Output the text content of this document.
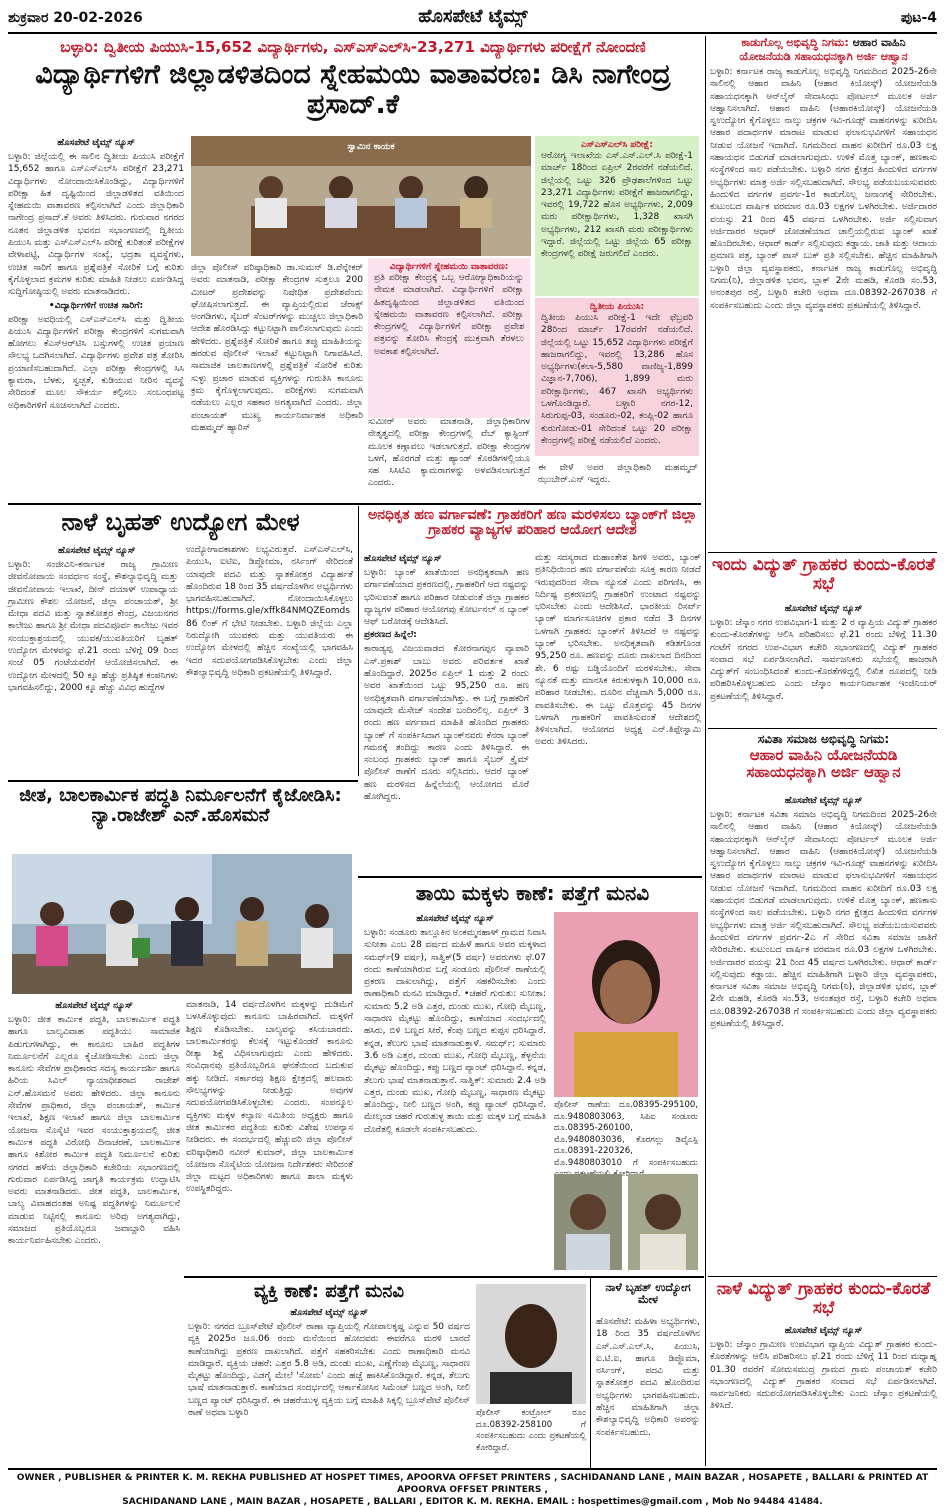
ಶುಕ್ರವಾರ 20-02-2026	ಹೊಸಪೇಟೆ ಟೈಮ್ಸ್	ಪುಟ-4
ಬಳ್ಳಾರಿ: ದ್ವಿತೀಯ ಪಿಯುಸಿ-15,652 ವಿದ್ಯಾರ್ಥಿಗಳು, ಎಸ್‌ಎಸ್‌ಎಲ್‌ಸಿ-23,271 ವಿದ್ಯಾರ್ಥಿಗಳು ಪರೀಕ್ಷೆಗೆ ನೋಂದಣಿ
ವಿದ್ಯಾರ್ಥಿಗಳಿಗೆ ಜಿಲ್ಲಾಡಳಿತದಿಂದ ಸ್ನೇಹಮಯಿ ವಾತಾವರಣ: ಡಿಸಿ ನಾಗೇಂದ್ರ ಪ್ರಸಾದ್.ಕೆ
ಹೊಸಪೇಟೆ ಟೈಮ್ಸ್ ನ್ಯೂಸ್
ಬಳ್ಳಾರಿ: ಜಿಲ್ಲೆಯಲ್ಲಿ ಈ ಸಾಲಿನ ದ್ವಿತೀಯ ಪಿಯುಸಿ ಪರೀಕ್ಷೆಗೆ 15,652 ಹಾಗೂ ಎಸ್‌ಎಸ್‌ಎಲ್‌ಸಿ ಪರೀಕ್ಷೆಗೆ 23,271 ವಿದ್ಯಾರ್ಥಿಗಳು ನೋಂದಾಯಿಸಿಕೊಂಡಿದ್ದು, ವಿದ್ಯಾರ್ಥಿಗಳಿಗೆ ಪರೀಕ್ಷಾ ಹಿತ ದೃಷ್ಟಿಯಿಂದ ಜಿಲ್ಲಾಡಳಿತದ ವತಿಯಿಂದ ಸ್ನೇಹಮಯಿ ವಾತಾವರಣ ಕಲ್ಪಿಸಲಾಗಿದೆ ಎಂದು ಜಿಲ್ಲಾಧಿಕಾರಿ ನಾಗೇಂದ್ರ ಪ್ರಸಾದ್.ಕೆ ಅವರು ತಿಳಿಸಿದರು. ಗುರುವಾರ ನಗರದ ನೂತನ ಜಿಲ್ಲಾಡಳಿತ ಭವನದ ಸಭಾಂಗಣದಲ್ಲಿ ದ್ವಿತೀಯ ಪಿಯುಸಿ ಮತ್ತು ಎಸ್‌ಎಸ್‌ಎಲ್‌ಸಿ ಪರೀಕ್ಷೆ ಕುರಿತಂತೆ ಪರೀಕ್ಷೆಗಳ ವೇಳಾಪಟ್ಟಿ, ವಿದ್ಯಾರ್ಥಿಗಳ ಸಂಖ್ಯೆ, ಭದ್ರತಾ ವ್ಯವಸ್ಥೆಗಳು, ಉಚಿತ ಸಾರಿಗೆ ಹಾಗೂ ಪ್ರಶ್ನೆಪತ್ರಿಕೆ ಸೋರಿಕೆ ಬಗ್ಗೆ ಕುರಿತು ಕೈಗೊಳ್ಳಲಾದ ಕ್ರಮಗಳ ಕುರಿತು ಮಾಹಿತಿ ನೀಡಲು ಏರ್ಪಡಿಸಿದ್ದ ಸುದ್ದಿಗೋಷ್ಠಿಯಲ್ಲಿ ಅವರು ಮಾತನಾಡಿದರು.
•ವಿದ್ಯಾರ್ಥಿಗಳಿಗೆ ಉಚಿತ ಸಾರಿಗೆ:
ಪರೀಕ್ಷಾ ಅವಧಿಯಲ್ಲಿ ಎಸ್‌ಎಸ್‌ಎಲ್‌ಸಿ ಮತ್ತು ದ್ವಿತೀಯ ಪಿಯುಸಿ ವಿದ್ಯಾರ್ಥಿಗಳಿಗೆ ಪರೀಕ್ಷಾ ಕೇಂದ್ರಗಳಿಗೆ ಸುಗಮವಾಗಿ ಹೋಗಲು ಕೆಎಸ್‌ಆರ್‌ಟಿಸಿ ಬಸ್ಸುಗಳಲ್ಲಿ ಉಚಿತ ಪ್ರಯಾಣ ಸೌಲಭ್ಯ ಒದಗಿಸಲಾಗಿದೆ. ವಿದ್ಯಾರ್ಥಿಗಳು ಪ್ರವೇಶ ಪತ್ರ ತೋರಿಸಿ ಪ್ರಯಾಣಿಸಬಹುದಾಗಿದೆ. ಎಲ್ಲಾ ಪರೀಕ್ಷಾ ಕೇಂದ್ರಗಳಲ್ಲಿ ಸಿಸಿ ಕ್ಯಾಮರಾ, ಬೆಳಕು, ಸ್ವಚ್ಛತೆ, ಕುಡಿಯುವ ನೀರಿನ ವ್ಯವಸ್ಥೆ ಸೇರಿದಂತೆ ಮೂಲ ಸೌಕರ್ಯ ಕಲ್ಪಿಸಲು ಸಂಬಂಧಪಟ್ಟ ಅಧಿಕಾರಿಗಳಿಗೆ ಸೂಚಿಸಲಾಗಿದೆ ಎಂದರು.
ಸ್ವಾಮಿನ ಕಾಯಕ
ಜಿಲ್ಲಾ ಪೊಲೀಸ್ ವರಿಷ್ಠಾಧಿಕಾರಿ ಡಾ.ಸುಮನ್ ಡಿ.ಪೆನ್ನೇಕರ್ ಅವರು ಮಾತನಾಡಿ, ಪರೀಕ್ಷಾ ಕೇಂದ್ರಗಳ ಸುತ್ತಲೂ 200 ಮೀಟರ್ ಪ್ರದೇಶವನ್ನು ನಿಷೇಧಿತ ಪ್ರದೇಶವೆಂದು ಘೋಷಿಸಲಾಗುತ್ತದೆ. ಈ ವ್ಯಾಪ್ತಿಯಲ್ಲಿರುವ ಜೆರಾಕ್ಸ್ ಅಂಗಡಿಗಳು, ಸೈಬರ್ ಸೆಂಟರ್‌ಗಳನ್ನು ಮುಚ್ಚಲು ಜಿಲ್ಲಾಧಿಕಾರಿ ಆದೇಶ ಹೊರಡಿಸಿದ್ದು ಕಟ್ಟುನಿಟ್ಟಾಗಿ ಪಾಲಿಸಲಾಗುವುದು ಎಂದು ಹೇಳಿದರು. ಪ್ರಶ್ನೆಪತ್ರಿಕೆ ಸೋರಿಕೆ ಹಾಗೂ ತಪ್ಪು ಮಾಹಿತಿಯನ್ನು ಹರಡುವ ಪೊಲೀಸ್ ಇಲಾಖೆ ಕಟ್ಟುನಿಟ್ಟಾಗಿ ನಿಗಾವಹಿಸಿದೆ. ಸಾಮಾಜಿಕ ಜಾಲತಾಣಗಳಲ್ಲಿ ಪ್ರಶ್ನೆಪತ್ರಿಕೆ ಸೋರಿಕೆ ಕುರಿತು ಸುಳ್ಳು ಪ್ರಚಾರ ಮಾಡುವ ವ್ಯಕ್ತಿಗಳನ್ನು ಗುರುತಿಸಿ ಕಾನೂನು ಕ್ರಮ ಕೈಗೊಳ್ಳಲಾಗುವುದು. ಪರೀಕ್ಷೆಗಳು ಸುಗಮವಾಗಿ ನಡೆಯಲು ಎಲ್ಲರ ಸಹಕಾರ ಅಗತ್ಯವಾಗಿದೆ ಎಂದರು. ಜಿಲ್ಲಾ ಪಂಚಾಯತ್ ಮುಖ್ಯ ಕಾರ್ಯನಿರ್ವಾಹಕ ಅಧಿಕಾರಿ ಮಹಮ್ಮದ್ ಹ್ಯಾರಿಸ್
ವಿದ್ಯಾರ್ಥಿಗಳಿಗೆ ಸ್ನೇಹಮಯಿ ವಾತಾವರಣ:
ಪ್ರತಿ ಪರೀಕ್ಷಾ ಕೇಂದ್ರಕ್ಕೆ ಒಬ್ಬ ಆರೋಗ್ಯಾಧಿಕಾರಿಯನ್ನು ನೇಮಕ ಮಾಡಲಾಗಿದೆ. ವಿದ್ಯಾರ್ಥಿಗಳಿಗೆ ಪರೀಕ್ಷಾ ಹಿತದೃಷ್ಟಿಯಿಂದ ಜಿಲ್ಲಾಡಳಿತದ ವತಿಯಿಂದ ಸ್ನೇಹಮಯಿ ವಾತಾವರಣ ಕಲ್ಪಿಸಲಾಗಿದೆ. ಪರೀಕ್ಷಾ ಕೇಂದ್ರಗಳಲ್ಲಿ ವಿದ್ಯಾರ್ಥಿಗಳಿಗೆ ಪರೀಕ್ಷಾ ಪ್ರವೇಶ ಪತ್ರವನ್ನು ತೋರಿಸಿ ಕೇಂದ್ರಕ್ಕೆ ಮುಕ್ತವಾಗಿ ತೆರಳಲು ಅವಕಾಶ ಕಲ್ಪಿಸಲಾಗಿದೆ.
ಸುಮೀರ್ ಅವರು ಮಾತನಾಡಿ, ಜಿಲ್ಲಾಧಿಕಾರಿಗಳ ನೇತೃತ್ವದಲ್ಲಿ ಪರೀಕ್ಷಾ ಕೇಂದ್ರಗಳಲ್ಲಿ ವೆಬ್ ಕ್ಯಾಸ್ಟಿಂಗ್ ಮೂಲಕ ಕಣ್ಗಾವಲು ಇಡಲಾಗುತ್ತದೆ. ಪರೀಕ್ಷಾ ಕೇಂದ್ರಗಳ ಒಳಗೆ, ಹೊರಗಡೆ ಮತ್ತು ಹ್ಯಾಂಡ್ ಕೊಠಡಿಗಳಲ್ಲಿಯೂ ಸಹ ಸಿಸಿಟಿವಿ ಕ್ಯಾಮರಾಗಳನ್ನು ಅಳವಡಿಸಲಾಗುತ್ತದೆ ಎಂದರು.
ಎಸ್‌ಎಸ್‌ಎಲ್‌ಸಿ ಪರೀಕ್ಷೆ:
ಆರೋಗ್ಯ ಇಲಾಖೆಯ ಎಸ್.ಎಸ್.ಎಲ್.ಸಿ ಪರೀಕ್ಷೆ-1 ಮಾರ್ಚ್ 18ರಿಂದ ಏಪ್ರಿಲ್ 2ರವರೆಗೆ ನಡೆಯಲಿದೆ. ಜಿಲ್ಲೆಯಲ್ಲಿ ಒಟ್ಟು 326 ಪ್ರೌಢಶಾಲೆಗಳಿಂದ ಒಟ್ಟು 23,271 ವಿದ್ಯಾರ್ಥಿಗಳು ಪರೀಕ್ಷೆಗೆ ಹಾಜರಾಗಲಿದ್ದು, ಇವರಲ್ಲಿ 19,722 ಹೊಸ ಅಭ್ಯರ್ಥಿಗಳು, 2,009 ಮರು ಪರೀಕ್ಷಾರ್ಥಿಗಳು, 1,328 ಖಾಸಗಿ ಅಭ್ಯರ್ಥಿಗಳು, 212 ಖಾಸಗಿ ಮರು ಪರೀಕ್ಷಾರ್ಥಿಗಳು ಇದ್ದಾರೆ. ಜಿಲ್ಲೆಯಲ್ಲಿ ಒಟ್ಟು ಜಿಲ್ಲೆಯ 65 ಪರೀಕ್ಷಾ ಕೇಂದ್ರಗಳಲ್ಲಿ ಪರೀಕ್ಷೆ ಜರುಗಲಿದೆ ಎಂದರು.
ದ್ವಿತೀಯ ಪಿಯುಸಿ:
ದ್ವಿತೀಯ ಪಿಯುಸಿ ಪರೀಕ್ಷೆ-1 ಇದೇ ಫೆಬ್ರವರಿ 28ರಿಂದ ಮಾರ್ಚ್ 17ರವರೆಗೆ ನಡೆಯಲಿದೆ. ಜಿಲ್ಲೆಯಲ್ಲಿ ಒಟ್ಟು 15,652 ವಿದ್ಯಾರ್ಥಿಗಳು ಪರೀಕ್ಷೆಗೆ ಹಾಜರಾಗಲಿದ್ದು, ಇವರಲ್ಲಿ 13,286 ಹೊಸ ಅಭ್ಯರ್ಥಿಗಳು(ಕಲಾ-5,580 ವಾಣಿಜ್ಯ-1,899 ವಿಜ್ಞಾನ-7,706), 1,899 ಮರು ಪರೀಕ್ಷಾರ್ಥಿಗಳು, 467 ಖಾಸಗಿ ಅಭ್ಯರ್ಥಿಗಳು ಒಳಗೊಂಡಿದ್ದಾರೆ. ಬಳ್ಳಾರಿ ನಗರ-12, ಸಿರುಗುಪ್ಪ-03, ಸಂಡೂರು-02, ಕಂಪ್ಲಿ-02 ಹಾಗೂ ಕುರುಗೋಡು-01 ಸೇರಿದಂತೆ ಒಟ್ಟು 20 ಪರೀಕ್ಷಾ ಕೇಂದ್ರಗಳಲ್ಲಿ ಪರೀಕ್ಷೆ ನಡೆಯಲಿದೆ ಎಂದರು.
ಈ ವೇಳೆ ಅಪರ ಜಿಲ್ಲಾಧಿಕಾರಿ ಮಹಮ್ಮದ್ ಝುಬೇರ್.ಎನ್ ಇದ್ದರು.
ನಾಳೆ ಬೃಹತ್ ಉದ್ಯೋಗ ಮೇಳ
ಹೊಸಪೇಟೆ ಟೈಮ್ಸ್ ನ್ಯೂಸ್
ಬಳ್ಳಾರಿ: ಸಂಜೀವಿನಿ-ಕರ್ನಾಟಕ ರಾಜ್ಯ ಗ್ರಾಮೀಣ ಜೀವನೋಪಾಯ ಸಂವರ್ಧನ ಸಂಸ್ಥೆ, ಕೌಶಲ್ಯಾಭಿವೃದ್ಧಿ ಮತ್ತು ಜೀವನೋಪಾಯ ಇಲಾಖೆ, ದೀನ್ ದಯಾಳ್ ಉಪಾಧ್ಯಾಯ ಗ್ರಾಮೀಣ ಕೌಶಲ ಯೋಜನೆ, ಜಿಲ್ಲಾ ಪಂಚಾಯತ್, ಶ್ರೀ ಮೇಧಾ ಪದವಿ ಮತ್ತು ಸ್ನಾತಕೋತ್ತರ ಕೇಂದ್ರ, ವಿಜಯನಗರ ಕಾಲೇಜು ಹಾಗೂ ಶ್ರೀ ಮೇಧಾ ಪದವಿಪೂರ್ವ ಕಾಲೇಜು ಇವರ ಸಂಯುಕ್ತಾಶ್ರಯದಲ್ಲಿ ಯುವಕ/ಯುವತಿಯರಿಗೆ ಬೃಹತ್ ಉದ್ಯೋಗ ಮೇಳವನ್ನು ಫೆ.21 ರಂದು ಬೆಳಿಗ್ಗೆ 09 ರಿಂದ ಸಂಜೆ 05 ಗಂಟೆಯವರೆಗೆ ಆಯೋಜಿಸಲಾಗಿದೆ. ಈ ಉದ್ಯೋಗ ಮೇಳದಲ್ಲಿ 50 ಕ್ಕೂ ಹೆಚ್ಚು ಪ್ರತಿಷ್ಠಿತ ಕಂಪನಿಗಳು ಭಾಗವಹಿಸಲಿದ್ದು, 2000 ಕ್ಕೂ ಹೆಚ್ಚು ವಿವಿಧ ಹುದ್ದೆಗಳ
ಉದ್ಯೋಗಾವಕಾಶಗಳು ಲಭ್ಯವಿರುತ್ತವೆ. ಎಸ್‌ಎಸ್‌ಎಲ್‌ಸಿ, ಪಿಯುಸಿ, ಐಟಿಐ, ಡಿಪ್ಲೋಮಾ, ನರ್ಸಿಂಗ್ ಸೇರಿದಂತೆ ಯಾವುದೇ ಪದವಿ ಮತ್ತು ಸ್ನಾತಕೋತ್ತರ ವಿದ್ಯಾರ್ಹತೆ ಹೊಂದಿರುವ 18 ರಿಂದ 35 ವರ್ಷದೊಳಗಿನ ಅಭ್ಯರ್ಥಿಗಳು ಭಾಗವಹಿಸಬಹುದಾಗಿದೆ. ನೋಂದಾಯಿಸಿಕೊಳ್ಳಲು https://forms.gle/xffk84NMQZEomds86 ಲಿಂಕ್ ಗೆ ಭೇಟಿ ನೀಡಬೇಕು. ಬಳ್ಳಾರಿ ಜಿಲ್ಲೆಯ ಎಲ್ಲಾ ನಿರುದ್ಯೋಗಿ ಯುವಕರು ಮತ್ತು ಯುವತಿಯರು ಈ ಉದ್ಯೋಗ ಮೇಳದಲ್ಲಿ ಹೆಚ್ಚಿನ ಸಂಖ್ಯೆಯಲ್ಲಿ ಭಾಗವಹಿಸಿ ಇದರ ಸದುಪಯೋಗಪಡಿಸಿಕೊಳ್ಳಬೇಕು ಎಂದು ಜಿಲ್ಲಾ ಕೌಶಲ್ಯಾಭಿವೃದ್ಧಿ ಅಧಿಕಾರಿ ಪ್ರಕಟಣೆಯಲ್ಲಿ ತಿಳಿಸಿದ್ದಾರೆ.
ಅನಧಿಕೃತ ಹಣ ವರ್ಗಾವಣೆ: ಗ್ರಾಹಕರಿಗೆ ಹಣ ಮರಳಿಸಲು ಬ್ಯಾಂಕ್‌ಗೆ ಜಿಲ್ಲಾ ಗ್ರಾಹಕರ ವ್ಯಾಜ್ಯಗಳ ಪರಿಹಾರ ಆಯೋಗ ಆದೇಶ
ಹೊಸಪೇಟೆ ಟೈಮ್ಸ್ ನ್ಯೂಸ್
ಬಳ್ಳಾರಿ: ಬ್ಯಾಂಕ್ ಖಾತೆಯಿಂದ ಅನಧಿಕೃತವಾಗಿ ಹಣ ವರ್ಗಾವಣೆಯಾದ ಪ್ರಕರಣದಲ್ಲಿ, ಗ್ರಾಹಕರಿಗೆ ಆದ ನಷ್ಟವನ್ನು ಭರಿಸುವಂತೆ ಹಾಗೂ ಪರಿಹಾರ ನೀಡುವಂತೆ ಜಿಲ್ಲಾ ಗ್ರಾಹಕರ ವ್ಯಾಜ್ಯಗಳ ಪರಿಹಾರ ಆಯೋಗವು ಕೋರ್ಟನಲ್ ನ ಬ್ಯಾಂಕ್ ಆಫ್ ಬರೋಡಕ್ಕೆ ಆದೇಶಿಸಿದೆ.
ಪ್ರಕರಣದ ಹಿನ್ನೆಲೆ:
ಕಾರಾಡ್ಯಪ್ಪ ವಿಜಯವಾಡದ ಕೋರನಾಗಪ್ಪನ ವ್ಯಾಪಾರಿ ಎಸ್.ಪ್ರಕಾಶ್ ಬಾಬು ಅವರು ಪರಿವರ್ತಕ ಖಾತೆ ಹೊಂದಿದ್ದಾರೆ. 2025ರ ಏಪ್ರಿಲ್ 1 ಮತ್ತು 2 ರಂದು ಅವರ ಖಾತೆಯಿಂದ ಒಟ್ಟು 95,250 ರೂ. ಹಣ ಅನಧಿಕೃತವಾಗಿ ವರ್ಗಾವಣೆಯಾಗಿತ್ತು. ಈ ಬಗ್ಗೆ ಗ್ರಾಹಕರಿಗೆ ಯಾವುದೇ ಮೆಸೇಜ್ ಸಂದೇಶ ಬಂದಿರಲಿಲ್ಲ. ಏಪ್ರಿಲ್ 3 ರಂದು ಹಣ ವರ್ಗವಾದ ಮಾಹಿತಿ ಹೊಂದಿದ ಗ್ರಾಹಕರು ಬ್ಯಾಂಕ್ ಗೆ ಸಂಪರ್ಕಿಸಿದಾಗ ಬ್ಯಾಂಕ್‌ನವರು ಕೆನರಾ ಬ್ಯಾಂಕ್ ಗಮನಕ್ಕೆ ತಂದಿದ್ದು ಕಾರಣ ಎಂದು ತಿಳಿಸಿದ್ದಾರೆ. ಈ ಸಂಬಂಧ ಗ್ರಾಹಕರು ಬ್ಯಾಂಕ್ ಹಾಗೂ ಸೈಬರ್ ಕ್ರೈಮ್ ಪೊಲೀಸ್ ಠಾಣೆಗೆ ದೂರು ಸಲ್ಲಿಸಿದರು. ಆದರೆ ಬ್ಯಾಂಕ್ ಹಣ ಮರಳಿಸದ ಹಿನ್ನೆಲೆಯಲ್ಲಿ ಆಯೋಗದ ಮೊರೆ ಹೋಗಿದ್ದರು.
ಮತ್ತು ಸದಸ್ಯರಾದ ಮಹಾಂತೇಶ ಶಿಗಳಿ ಅವರು, ಬ್ಯಾಂಕ್ ಪ್ರತಿನಿಧಿಯಿಂದ ಹಣ ವರ್ಗಾವಣೆಯ ಸೂಕ್ತ ಕಾರಣ ನೀಡದೆ ಇರುವುದರಿಂದ ಸೇವಾ ನ್ಯೂನತೆ ಎಂದು ಪರಿಗಣಿಸಿ, ಈ ನಿರ್ದಿಷ್ಟ ಪ್ರಕರಣದಲ್ಲಿ ಗ್ರಾಹಕರಿಗೆ ಉಂಟಾದ ನಷ್ಟವನ್ನು ಭರಿಸಬೇಕು ಎಂದು ಆದೇಶಿಸಿದೆ. ಭಾರತೀಯ ರಿಸರ್ವ್ ಬ್ಯಾಂಕ್ ಮಾರ್ಗಸೂಚಿಗಳ ಪ್ರಕಾರ ನಡೆದ 3 ದಿನಗಳ ಒಳಗಾಗಿ ಗ್ರಾಹಕರು ಬ್ಯಾಂಕ್‌ಗೆ ತಿಳಿಸಿದರೆ ಆ ನಷ್ಟವನ್ನು ಬ್ಯಾಂಕ್ ಭರಿಸಬೇಕು. ಅನಧಿಕೃತವಾಗಿ ಕಡಿತಗೊಂಡ 95,250 ರೂ. ಹಣವನ್ನು ದೂರು ದಾಖಲಾದ ದಿನದಿಂದ ಶೇ. 6 ರಷ್ಟು ಬಡ್ಡಿಯೊಂದಿಗೆ ಮರಳಿಸಬೇಕು. ಸೇವಾ ನ್ಯೂನತೆ ಮತ್ತು ಮಾನಸಿಕ ಕಿರುಕುಳಕ್ಕಾಗಿ 10,000 ರೂ. ಪರಿಹಾರ ನೀಡಬೇಕು. ದೂರಿನ ವೆಚ್ಚವಾಗಿ 5,000 ರೂ. ಪಾವತಿಸಬೇಕು. ಈ ಒಟ್ಟು ಮೊತ್ತವನ್ನು 45 ದಿನಗಳ ಒಳಗಾಗಿ ಗ್ರಾಹಕರಿಗೆ ಪಾವತಿಸುವಂತೆ ಆದೇಶದಲ್ಲಿ ತಿಳಿಸಲಾಗಿದೆ. ಆಯೋಗದ ಅಧ್ಯಕ್ಷ ಎನ್.ತಿಪ್ಪೇಸ್ವಾಮಿ ಅವರು ತಿಳಿಸಿದರು.
ಜೀತ, ಬಾಲಕಾರ್ಮಿಕ ಪದ್ಧತಿ ನಿರ್ಮೂಲನೆಗೆ ಕೈಜೋಡಿಸಿ: ನ್ಯಾ.ರಾಜೇಶ್ ಎನ್.ಹೊಸಮನೆ
ಹೊಸಪೇಟೆ ಟೈಮ್ಸ್ ನ್ಯೂಸ್
ಬಳ್ಳಾರಿ: ಜೀತ ಕಾರ್ಮಿಕ ಪದ್ಧತಿ, ಬಾಲಕಾರ್ಮಿಕ ಪದ್ಧತಿ ಹಾಗೂ ಬಾಲ್ಯವಿವಾಹ ಪದ್ಧತಿಯು ಸಾಮಾಜಿಕ ಪಿಡುಗುಗಳಾಗಿದ್ದು, ಈ ಕಾನೂನು ಬಾಹಿರ ಪದ್ಧತಿಗಳ ನಿರ್ಮೂಲನೆಗೆ ಎಲ್ಲರೂ ಕೈಜೋಡಿಸಬೇಕು ಎಂದು ಜಿಲ್ಲಾ ಕಾನೂನು ಸೇವೆಗಳ ಪ್ರಾಧಿಕಾರದ ಸದಸ್ಯ ಕಾರ್ಯದರ್ಶಿ ಹಾಗೂ ಹಿರಿಯ ಸಿವಿಲ್ ನ್ಯಾಯಾಧೀಶರಾದ ರಾಜೇಶ್ ಎನ್.ಹೊಸಮನೆ ಅವರು ಹೇಳಿದರು. ಜಿಲ್ಲಾ ಕಾನೂನು ಸೇವೆಗಳ ಪ್ರಾಧಿಕಾರ, ಜಿಲ್ಲಾ ಪಂಚಾಯತ್, ಕಾರ್ಮಿಕ ಇಲಾಖೆ, ಶಿಕ್ಷಣ ಇಲಾಖೆ ಹಾಗೂ ಜಿಲ್ಲಾ ಬಾಲಕಾರ್ಮಿಕ ಯೋಜನಾ ಸೊಸೈಟಿ ಇವರ ಸಂಯುಕ್ತಾಶ್ರಯದಲ್ಲಿ ಜೀತ ಕಾರ್ಮಿಕ ಪದ್ಧತಿ ವಿರೋಧಿ ದಿನಾಚರಣೆ, ಬಾಲಕಾರ್ಮಿಕ ಹಾಗೂ ಕಿಶೋರ ಕಾರ್ಮಿಕ ಪದ್ಧತಿ ನಿರ್ಮೂಲನೆ ಕುರಿತು ನಗರದ ಹಳೆಯ ಜಿಲ್ಲಾಧಿಕಾರಿ ಕಚೇರಿಯ ಸಭಾಂಗಣದಲ್ಲಿ ಗುರುವಾರ ಏರ್ಪಡಿಸಿದ್ದ ಜಾಗೃತಿ ಕಾರ್ಯಕ್ರಮ ಉದ್ಘಾಟಿಸಿ ಅವರು ಮಾತನಾಡಿದರು. ಜೀತ ಪದ್ಧತಿ, ಬಾಲಕಾರ್ಮಿಕ, ಬಾಲ್ಯ ವಿವಾಹದಂತಹ ಅನಿಷ್ಟ ಪದ್ಧತಿಗಳನ್ನು ನಿರ್ಮೂಲನೆ ಮಾಡುವ ನಿಟ್ಟಿನಲ್ಲಿ ಕಾನೂನು ಅರಿವು ಅಗತ್ಯವಾಗಿದ್ದು, ಸಮಾಜದ ಪ್ರತಿಯೊಬ್ಬರೂ ಜವಾಬ್ದಾರಿ ವಹಿಸಿ ಕಾರ್ಯನಿರ್ವಹಿಸಬೇಕು ಎಂದರು.
ಮಾತನಾಡಿ, 14 ವರ್ಷದೊಳಗಿನ ಮಕ್ಕಳನ್ನು ದುಡಿಮೆಗೆ ಬಳಸಿಕೊಳ್ಳುವುದು ಕಾನೂನು ಬಾಹಿರವಾಗಿದೆ. ಮಕ್ಕಳಿಗೆ ಶಿಕ್ಷಣ ಕೊಡಿಸಬೇಕು. ಬಾಲ್ಯವನ್ನು ಕಸಿಯಬಾರದು. ಬಾಲಕಾರ್ಮಿಕರನ್ನು ಕೆಲಸಕ್ಕೆ ಇಟ್ಟುಕೊಂಡರೆ ಕಾನೂನು ರೀತ್ಯಾ ಶಿಕ್ಷೆ ವಿಧಿಸಲಾಗುವುದು ಎಂದು ಹೇಳಿದರು. ಸಂವಿಧಾನವು ಪ್ರತಿಯೊಬ್ಬರಿಗೂ ಘನತೆಯಿಂದ ಬದುಕುವ ಹಕ್ಕು ನೀಡಿದೆ. ಸರ್ಕಾರವು ಶಿಕ್ಷಣ ಕ್ಷೇತ್ರದಲ್ಲಿ ಹಲವಾರು ಸೌಲಭ್ಯಗಳನ್ನು ನೀಡುತ್ತಿದ್ದು ಅವುಗಳ ಸದುಪಯೋಗಪಡಿಸಿಕೊಳ್ಳಬೇಕು ಎಂದರು. ಸಂಪನ್ಮೂಲ ವ್ಯಕ್ತಿಗಳು ಮಕ್ಕಳ ಕಲ್ಯಾಣ ಸಮಿತಿಯ ಅಧ್ಯಕ್ಷರು ಹಾಗೂ ಜೀತ ಕಾರ್ಮಿಕರ ಪದ್ಧತಿಯ ಕುರಿತು ವಿಶೇಷ ಉಪನ್ಯಾಸ ನೀಡಿದರು. ಈ ಸಂದರ್ಭದಲ್ಲಿ ಹೆಚ್ಚುವರಿ ಜಿಲ್ಲಾ ಪೊಲೀಸ್ ವರಿಷ್ಠಾಧಿಕಾರಿ ನವೀನ್ ಕುಮಾರ್, ಜಿಲ್ಲಾ ಬಾಲಕಾರ್ಮಿಕ ಯೋಜನಾ ಸೊಸೈಟಿಯ ಯೋಜನಾ ನಿರ್ದೇಶಕರು ಸೇರಿದಂತೆ ಜಿಲ್ಲಾ ಮಟ್ಟದ ಅಧಿಕಾರಿಗಳು ಹಾಗೂ ಶಾಲಾ ಮಕ್ಕಳು ಉಪಸ್ಥಿತರಿದ್ದರು.
ತಾಯಿ ಮಕ್ಕಳು ಕಾಣೆ: ಪತ್ತೆಗೆ ಮನವಿ
ಹೊಸಪೇಟೆ ಟೈಮ್ಸ್ ನ್ಯೂಸ್
ಬಳ್ಳಾರಿ: ಸಂಡೂರು ತಾಲ್ಲೂಕಿನ ಅಂಕಮ್ಮನಹಾಳ್ ಗ್ರಾಮದ ನಿವಾಸಿ ಸುನೀತಾ ಎಂಬ 28 ವರ್ಷದ ಮಹಿಳೆ ಹಾಗೂ ಅವರ ಮಕ್ಕಳಾದ ಸಮರ್ಥ್(9 ವರ್ಷ), ಸಾತ್ವಿಕ್(5 ವರ್ಷ) ಅವರುಗಳು ಫೆ.07 ರಂದು ಕಾಣೆಯಾಗಿರುವ ಬಗ್ಗೆ ಸಂಡೂರು ಪೊಲೀಸ್ ಠಾಣೆಯಲ್ಲಿ ಪ್ರಕರಣ ದಾಖಲಾಗಿದ್ದು, ಪತ್ತೆಗೆ ಸಹಕರಿಸಬೇಕು ಎಂದು ಠಾಣಾಧಿಕಾರಿ ಮನವಿ ಮಾಡಿದ್ದಾರೆ. •ಚಹರೆ ಗುರುತು: ಸುನೀತಾ: ಸುಮಾರು 5.2 ಅಡಿ ಎತ್ತರ, ದುಂಡು ಮುಖ, ಗೋಧಿ ಮೈಬಣ್ಣ, ಸಾಧಾರಣ ಮೈಕಟ್ಟು ಹೊಂದಿದ್ದು, ಕಾಣೆಯಾದ ಸಂದರ್ಭದಲ್ಲಿ ಹಸಿರು, ಬಿಳಿ ಬಣ್ಣದ ಸೀರೆ, ಕೆಂಪು ಬಣ್ಣದ ಕುಪ್ಪಸ ಧರಿಸಿದ್ದಾರೆ. ಕನ್ನಡ, ತೆಲುಗು ಭಾಷೆ ಮಾತನಾಡುತ್ತಾಳೆ. ಸಮರ್ಥ್: ಸುಮಾರು 3.6 ಅಡಿ ಎತ್ತರ, ದುಂಡು ಮುಖ, ಗೋಧಿ ಮೈಬಣ್ಣ, ತೆಳ್ಳನೆಯ ಮೈಕಟ್ಟು ಹೊಂದಿದ್ದು, ಕಪ್ಪು ಬಣ್ಣದ ಪ್ಯಾಂಟ್ ಧರಿಸಿದ್ದಾನೆ. ಕನ್ನಡ, ತೆಲುಗು ಭಾಷೆ ಮಾತನಾಡುತ್ತಾನೆ. ಸಾತ್ವಿಕ್: ಸುಮಾರು 2.4 ಅಡಿ ಎತ್ತರ, ದುಂಡು ಮುಖ, ಗೋಧಿ ಮೈಬಣ್ಣ, ಸಾಧಾರಣ ಮೈಕಟ್ಟು ಹೊಂದಿದ್ದು, ನೀಲಿ ಬಣ್ಣದ ಅಂಗಿ, ಕಪ್ಪು ಪ್ಯಾಂಟ್ ಧರಿಸಿದ್ದಾನೆ. ಮೇಲ್ಕಂಡ ಚಹರೆ ಗುರುತುಳ್ಳ ತಾಯಿ ಮತ್ತು ಮಕ್ಕಳ ಬಗ್ಗೆ ಮಾಹಿತಿ ದೊರೆತಲ್ಲಿ ಕೂಡಲೇ ಸಂಪರ್ಕಿಸಬಹುದು.
ಪೊಲೀಸ್ ಠಾಣೆಯ ದೂ.08395-295100, ದೂ.9480803063, ಸಿಪಿಐ ಸಂಡೂರು ದೂ.08395-260100, ಮೊ.9480803036, ಕೊರಗಲ್ಲು ಡಿವೈಎಸ್ಪಿ ದೂ.08391-220326, ಮೊ.9480803010 ಗೆ ಸಂಪರ್ಕಿಸಬಹುದು
ವ್ಯಕ್ತಿ ಕಾಣೆ: ಪತ್ತೆಗೆ ಮನವಿ
ಹೊಸಪೇಟೆ ಟೈಮ್ಸ್ ನ್ಯೂಸ್
ಬಳ್ಳಾರಿ: ನಗರದ ಬ್ರೂಸ್‌ಪೇಟೆ ಪೊಲೀಸ್ ಠಾಣಾ ವ್ಯಾಪ್ತಿಯಲ್ಲಿ ಗೋಪಾಲಕೃಷ್ಣ ಎನ್ನುವ 50 ವರ್ಷದ ವ್ಯಕ್ತಿ 2025ರ ಜೂ.06 ರಂದು ಮನೆಯಿಂದ ಹೋದವರು ಈವರೆಗೂ ಮರಳಿ ಬಾರದೆ ಕಾಣೆಯಾಗಿದ್ದು ಪ್ರಕರಣ ದಾಖಲಾಗಿದೆ. ಪತ್ತೆಗೆ ಸಹಕರಿಸಬೇಕು ಎಂದು ಠಾಣಾಧಿಕಾರಿ ಮನವಿ ಮಾಡಿದ್ದಾರೆ. ವ್ಯಕ್ತಿಯ ಚಹರೆ: ಎತ್ತರ 5.8 ಅಡಿ, ದುಂಡು ಮುಖ, ಎಣ್ಣೆಗೆಂಪು ಮೈಬಣ್ಣ, ಸಾಧಾರಣ ಮೈಕಟ್ಟು ಹೊಂದಿದ್ದು, ಎಡಗೈ ಮೇಲೆ 'ಸೋಮ' ಎಂದು ಹಚ್ಚೆ ಹಾಕಿಸಿಕೊಂಡಿದ್ದಾರೆ. ಕನ್ನಡ, ತೆಲುಗು ಭಾಷೆ ಮಾತನಾಡುತ್ತಾರೆ. ಕಾಣೆಯಾದ ಸಂದರ್ಭದಲ್ಲಿ ಆರ್ಕಾಕೋಸಿನ ಸಿಮೆಂಟ್ ಬಣ್ಣದ ಅಂಗಿ, ನೀಲಿ ಬಣ್ಣದ ಪ್ಯಾಂಟ್ ಧರಿಸಿದ್ದಾರೆ. ಈ ಚಹರೆಯುಳ್ಳ ವ್ಯಕ್ತಿಯ ಬಗ್ಗೆ ಮಾಹಿತಿ ಸಿಕ್ಕಲ್ಲಿ ಬ್ರೂಸ್‌ಪೇಟೆ ಪೊಲೀಸ್ ಠಾಣೆ ಅಥವಾ ಬಳ್ಳಾರಿ	ಪೊಲೀಸ್ ಕಂಟ್ರೋಲ್ ರೂಂ ದೂ.08392-258100 ಗೆ ಸಂಪರ್ಕಿಸಬಹುದು ಎಂದು ಪ್ರಕಟಣೆಯಲ್ಲಿ ಕೋರಿದ್ದಾರೆ.
ನಾಳೆ ಬೃಹತ್ ಉದ್ಯೋಗ ಮೇಳ
ಹೊಸಪೇಟೆ: ಮಹಿಳಾ ಅಭ್ಯರ್ಥಿಗಳು, 18 ರಿಂದ 35 ವರ್ಷದೊಳಗಿನ ಎಸ್.ಎಸ್.ಎಲ್.ಸಿ, ಪಿಯುಸಿ, ಐ.ಟಿ.ಐ, ಹಾಗೂ ಡಿಪ್ಲೊಮಾ, ನರ್ಸಿಂಗ್, ಪದವಿ ಮತ್ತು ಸ್ನಾತಕೋತ್ತರ ಪದವಿ ಹೊಂದಿರುವ ಅಭ್ಯರ್ಥಿಗಳು ಭಾಗವಹಿಸಬಹುದು. ಹೆಚ್ಚಿನ ಮಾಹಿತಿಗಾಗಿ ಜಿಲ್ಲಾ ಕೌಶಲ್ಯಾಭಿವೃದ್ಧಿ ಅಧಿಕಾರಿ ಅವರನ್ನು ಸಂಪರ್ಕಿಸಬಹುದು.
ಕಾಡುಗೊಲ್ಲ ಅಭಿವೃದ್ಧಿ ನಿಗಮ: ಆಹಾರ ವಾಹಿನಿ
ಯೋಜನೆಯಡಿ ಸಹಾಯಧನಕ್ಕಾಗಿ ಅರ್ಜಿ ಆಹ್ವಾನ
ಬಳ್ಳಾರಿ: ಕರ್ನಾಟಕ ರಾಜ್ಯ ಕಾಡುಗೊಲ್ಲ ಅಭಿವೃದ್ಧಿ ನಿಗಮದಿಂದ 2025-26ನೇ ಸಾಲಿನಲ್ಲಿ ಆಹಾರ ವಾಹಿನಿ (ಆಹಾರ ಕಿಯೋಸ್ಕ್) ಯೋಜನೆಯಡಿ ಸಹಾಯಧನಕ್ಕಾಗಿ ಆನ್‌ಲೈನ್ ಸೇವಾಸಿಂಧು ಪೋರ್ಟಲ್ ಮೂಲಕ ಅರ್ಜಿ ಆಹ್ವಾನಿಸಲಾಗಿದೆ. ಆಹಾರ ವಾಹಿನಿ (ಆಹಾರಕಿಯೋಸ್ಕ್) ಯೋಜನೆಯಡಿ ಸ್ವಉದ್ಯೋಗ ಕೈಗೊಳ್ಳಲು ನಾಲ್ಕು ಚಕ್ರಗಳ ಇವಿ-ಗೂಡ್ಸ್ ವಾಹನಗಳನ್ನು ಖರೀದಿಸಿ ಆಹಾರ ಪದಾರ್ಥಗಳ ಮಾರಾಟ ಮಾಡುವ ಫಲಾನುಭವಿಗಳಿಗೆ ಸಹಾಯಧನ ನೀಡುವ ಯೋಜನೆ ಇದಾಗಿದೆ. ನಿಗಮದಿಂದ ವಾಹನ ಖರೀದಿಗೆ ರೂ.03 ಲಕ್ಷ ಸಹಾಯಧನ ಬಿಡುಗಡೆ ಮಾಡಲಾಗುವುದು. ಉಳಿಕೆ ಮೊತ್ತ ಬ್ಯಾಂಕ್, ಹಣಕಾಸು ಸಂಸ್ಥೆಗಳಿಂದ ಸಾಲ ಪಡೆಯಬೇಕು. ಬಳ್ಳಾರಿ ನಗರ ಕ್ಷೇತ್ರದ ಹಿಂದುಳಿದ ವರ್ಗಗಳ ಅಭ್ಯರ್ಥಿಗಳು ಮಾತ್ರ ಅರ್ಜಿ ಸಲ್ಲಿಸಬಹುದಾಗಿದೆ. ಸೌಲಭ್ಯ ಪಡೆಯಬಯಸುವವರು ಹಿಂದುಳಿದ ವರ್ಗಗಳ ಪ್ರವರ್ಗ-1ರ ಕಾಡುಗೊಲ್ಲ ಜನಾಂಗಕ್ಕೆ ಸೇರಿರಬೇಕು. ಕುಟುಂಬದ ವಾರ್ಷಿಕ ವರಮಾನ ರೂ.03 ಲಕ್ಷಗಳ ಒಳಗಿರಬೇಕು. ಅರ್ಜಿದಾರರ ವಯಸ್ಸು 21 ರಿಂದ 45 ವರ್ಷದ ಒಳಗಿರಬೇಕು. ಅರ್ಜಿ ಸಲ್ಲಿಸುವಾಗ ಅರ್ಜಿದಾರರ ಆಧಾರ್ ಜೋಡಣೆಯಾದ ಚಾಲ್ತಿಯಲ್ಲಿರುವ ಬ್ಯಾಂಕ್ ಖಾತೆ ಹೊಂದಿರಬೇಕು. ಆಧಾರ್ ಕಾರ್ಡ್ ಸಲ್ಲಿಸುವುದು ಕಡ್ಡಾಯ. ಜಾತಿ ಮತ್ತು ಆದಾಯ ಪ್ರಮಾಣ ಪತ್ರ, ಬ್ಯಾಂಕ್ ಪಾಸ್ ಬುಕ್ ಪ್ರತಿ ಸಲ್ಲಿಸಬೇಕು. ಹೆಚ್ಚಿನ ಮಾಹಿತಿಗಾಗಿ ಬಳ್ಳಾರಿ ಜಿಲ್ಲಾ ವ್ಯವಸ್ಥಾಪಕರು, ಕರ್ನಾಟಕ ರಾಜ್ಯ ಕಾಡುಗೊಲ್ಲ ಅಭಿವೃದ್ಧಿ ನಿಗಮ(ನಿ), ಜಿಲ್ಲಾಡಳಿತ ಭವನ, ಬ್ಲಾಕ್ 2ನೇ ಮಹಡಿ, ಕೊಠಡಿ ಸಂ.53, ಅನಂತಪುರ ರಸ್ತೆ, ಬಳ್ಳಾರಿ ಕಚೇರಿ ಅಥವಾ ದೂ.08392-267038 ಗೆ ಸಂಪರ್ಕಿಸಬಹುದು ಎಂದು ಜಿಲ್ಲಾ ವ್ಯವಸ್ಥಾಪಕರು ಪ್ರಕಟಣೆಯಲ್ಲಿ ತಿಳಿಸಿದ್ದಾರೆ.
ಇಂದು ವಿದ್ಯುತ್ ಗ್ರಾಹಕರ ಕುಂದು-ಕೊರತೆ ಸಭೆ
ಹೊಸಪೇಟೆ ಟೈಮ್ಸ್ ನ್ಯೂಸ್
ಬಳ್ಳಾರಿ: ಜೆಸ್ಕಾಂ ನಗರ ಉಪವಿಭಾಗ-1 ಮತ್ತು 2 ರ ವ್ಯಾಪ್ತಿಯ ವಿದ್ಯುತ್ ಗ್ರಾಹಕರ ಕುಂದು-ಕೊರತೆಗಳನ್ನು ಆಲಿಸಿ ಪರಿಹರಿಸಲು ಫೆ.21 ರಂದು ಬೆಳಿಗ್ಗೆ 11.30 ಗಂಟೆಗೆ ನಗರದ ಉಪ-ವಿಭಾಗ ಕಚೇರಿ ಸಭಾಂಗಣದಲ್ಲಿ ವಿದ್ಯುತ್ ಗ್ರಾಹಕರ ಸಂವಾದ ಸಭೆ ಏರ್ಪಡಿಸಲಾಗಿದೆ. ಸಾರ್ವಜನಿಕರು ಸಭೆಯಲ್ಲಿ ಹಾಜರಾಗಿ ವಿದ್ಯುತ್‌ಗೆ ಸಂಬಂಧಿಸಿದಂತೆ ಕುಂದು-ಕೊರತೆಗಳಿದ್ದಲ್ಲಿ ಲಿಖಿತ ರೂಪದಲ್ಲಿ ನೀಡಿ ಪರಿಹರಿಸಿಕೊಳ್ಳಬಹುದು ಎಂದು ಜೆಸ್ಕಾಂ ಕಾರ್ಯನಿರ್ವಾಹಕ ಇಂಜಿನಿಯರ್ ಪ್ರಕಟಣೆಯಲ್ಲಿ ತಿಳಿಸಿದ್ದಾರೆ.
ಸವಿತಾ ಸಮಾಜ ಅಭಿವೃದ್ಧಿ ನಿಗಮ:
ಆಹಾರ ವಾಹಿನಿ ಯೋಜನೆಯಡಿ ಸಹಾಯಧನಕ್ಕಾಗಿ ಅರ್ಜಿ ಆಹ್ವಾನ
ಹೊಸಪೇಟೆ ಟೈಮ್ಸ್ ನ್ಯೂಸ್
ಬಳ್ಳಾರಿ: ಕರ್ನಾಟಕ ಸವಿತಾ ಸಮಾಜ ಅಭಿವೃದ್ಧಿ ನಿಗಮದಿಂದ 2025-26ನೇ ಸಾಲಿನಲ್ಲಿ ಆಹಾರ ವಾಹಿನಿ (ಆಹಾರ ಕಿಯೋಸ್ಕ್) ಯೋಜನೆಯಡಿ ಸಹಾಯಧನಕ್ಕಾಗಿ ಆನ್‌ಲೈನ್ ಸೇವಾಸಿಂಧು ಪೋರ್ಟಲ್ ಮೂಲಕ ಅರ್ಜಿ ಆಹ್ವಾನಿಸಲಾಗಿದೆ. ಆಹಾರ ವಾಹಿನಿ (ಆಹಾರಕಿಯೋಸ್ಕ್) ಯೋಜನೆಯಡಿ ಸ್ವಉದ್ಯೋಗ ಕೈಗೊಳ್ಳಲು ನಾಲ್ಕು ಚಕ್ರಗಳ ಇವಿ-ಗೂಡ್ಸ್ ವಾಹನಗಳನ್ನು ಖರೀದಿಸಿ ಆಹಾರ ಪದಾರ್ಥಗಳ ಮಾರಾಟ ಮಾಡುವ ಫಲಾನುಭವಿಗಳಿಗೆ ಸಹಾಯಧನ ನೀಡುವ ಯೋಜನೆ ಇದಾಗಿದೆ. ನಿಗಮದಿಂದ ವಾಹನ ಖರೀದಿಗೆ ರೂ.03 ಲಕ್ಷ ಸಹಾಯಧನ ಬಿಡುಗಡೆ ಮಾಡಲಾಗುವುದು. ಉಳಿಕೆ ಮೊತ್ತ ಬ್ಯಾಂಕ್, ಹಣಕಾಸು ಸಂಸ್ಥೆಗಳಿಂದ ಸಾಲ ಪಡೆಯಬೇಕು. ಬಳ್ಳಾರಿ ನಗರ ಕ್ಷೇತ್ರದ ಹಿಂದುಳಿದ ವರ್ಗಗಳ ಅಭ್ಯರ್ಥಿಗಳು ಮಾತ್ರ ಅರ್ಜಿ ಸಲ್ಲಿಸಬಹುದಾಗಿದೆ. ಸೌಲಭ್ಯ ಪಡೆಯಬಯಸುವವರು ಹಿಂದುಳಿದ ವರ್ಗಗಳ ಪ್ರವರ್ಗ-2ಎ ಗೆ ಸೇರಿದ ಸವಿತಾ ಸಮಾಜ ಜಾತಿಗೆ ಸೇರಿರಬೇಕು. ಕುಟುಂಬದ ವಾರ್ಷಿಕ ವರಮಾನ ರೂ.03 ಲಕ್ಷಗಳ ಒಳಗಿರಬೇಕು. ಅರ್ಜಿದಾರರ ವಯಸ್ಸು 21 ರಿಂದ 45 ವರ್ಷದ ಒಳಗಿರಬೇಕು. ಆಧಾರ್ ಕಾರ್ಡ್ ಸಲ್ಲಿಸುವುದು ಕಡ್ಡಾಯ. ಹೆಚ್ಚಿನ ಮಾಹಿತಿಗಾಗಿ ಬಳ್ಳಾರಿ ಜಿಲ್ಲಾ ವ್ಯವಸ್ಥಾಪಕರು, ಕರ್ನಾಟಕ ಸವಿತಾ ಸಮಾಜ ಅಭಿವೃದ್ಧಿ ನಿಗಮ(ನಿ), ಜಿಲ್ಲಾಡಳಿತ ಭವನ, ಬ್ಲಾಕ್ 2ನೇ ಮಹಡಿ, ಕೊಠಡಿ ಸಂ.53, ಅನಂತಪುರ ರಸ್ತೆ, ಬಳ್ಳಾರಿ ಕಚೇರಿ ಅಥವಾ ದೂ.08392-267038 ಗೆ ಸಂಪರ್ಕಿಸಬಹುದು ಎಂದು ಜಿಲ್ಲಾ ವ್ಯವಸ್ಥಾಪಕರು ಪ್ರಕಟಣೆಯಲ್ಲಿ ತಿಳಿಸಿದ್ದಾರೆ.
ನಾಳೆ ವಿದ್ಯುತ್ ಗ್ರಾಹಕರ ಕುಂದು-ಕೊರತೆ ಸಭೆ
ಹೊಸಪೇಟೆ ಟೈಮ್ಸ್ ನ್ಯೂಸ್
ಬಳ್ಳಾರಿ: ಜೆಸ್ಕಾಂ ಗ್ರಾಮೀಣ ಉಪವಿಭಾಗ ವ್ಯಾಪ್ತಿಯ ವಿದ್ಯುತ್ ಗ್ರಾಹಕರ ಕುಂದು-ಕೊರತೆಗಳನ್ನು ಆಲಿಸಿ ಪರಿಹರಿಸಲು ಫೆ.21 ರಂದು ಬೆಳಿಗ್ಗೆ 11 ರಿಂದ ಮಧ್ಯಾಹ್ನ 01.30 ರವರೆಗೆ ಸೋಮಸಮುದ್ರ ಗ್ರಾಮದ ಗ್ರಾಮ ಪಂಚಾಯತ್ ಕಚೇರಿ ಸಭಾಂಗಣದಲ್ಲಿ ವಿದ್ಯುತ್ ಗ್ರಾಹಕರ ಸಂವಾದ ಸಭೆ ಏರ್ಪಡಿಸಲಾಗಿದೆ. ಸಾರ್ವಜನಿಕರು ಸದುಪಯೋಗಪಡಿಸಿಕೊಳ್ಳಬೇಕು ಎಂದು ಜೆಸ್ಕಾಂ ಪ್ರಕಟಣೆಯಲ್ಲಿ ತಿಳಿಸಿದೆ.
OWNER , PUBLISHER & PRINTER K. M. REKHA PUBLISHED AT HOSPET TIMES, APOORVA OFFSET PRINTERS , SACHIDANAND LANE , MAIN BAZAR , HOSAPETE , BALLARI & PRINTED AT APOORVA OFFSET PRINTERS ,
SACHIDANAND LANE , MAIN BAZAR , HOSAPETE , BALLARI , EDITOR K. M. REKHA. EMAIL : hospettimes@gmail.com , Mob No 94484 41484.
